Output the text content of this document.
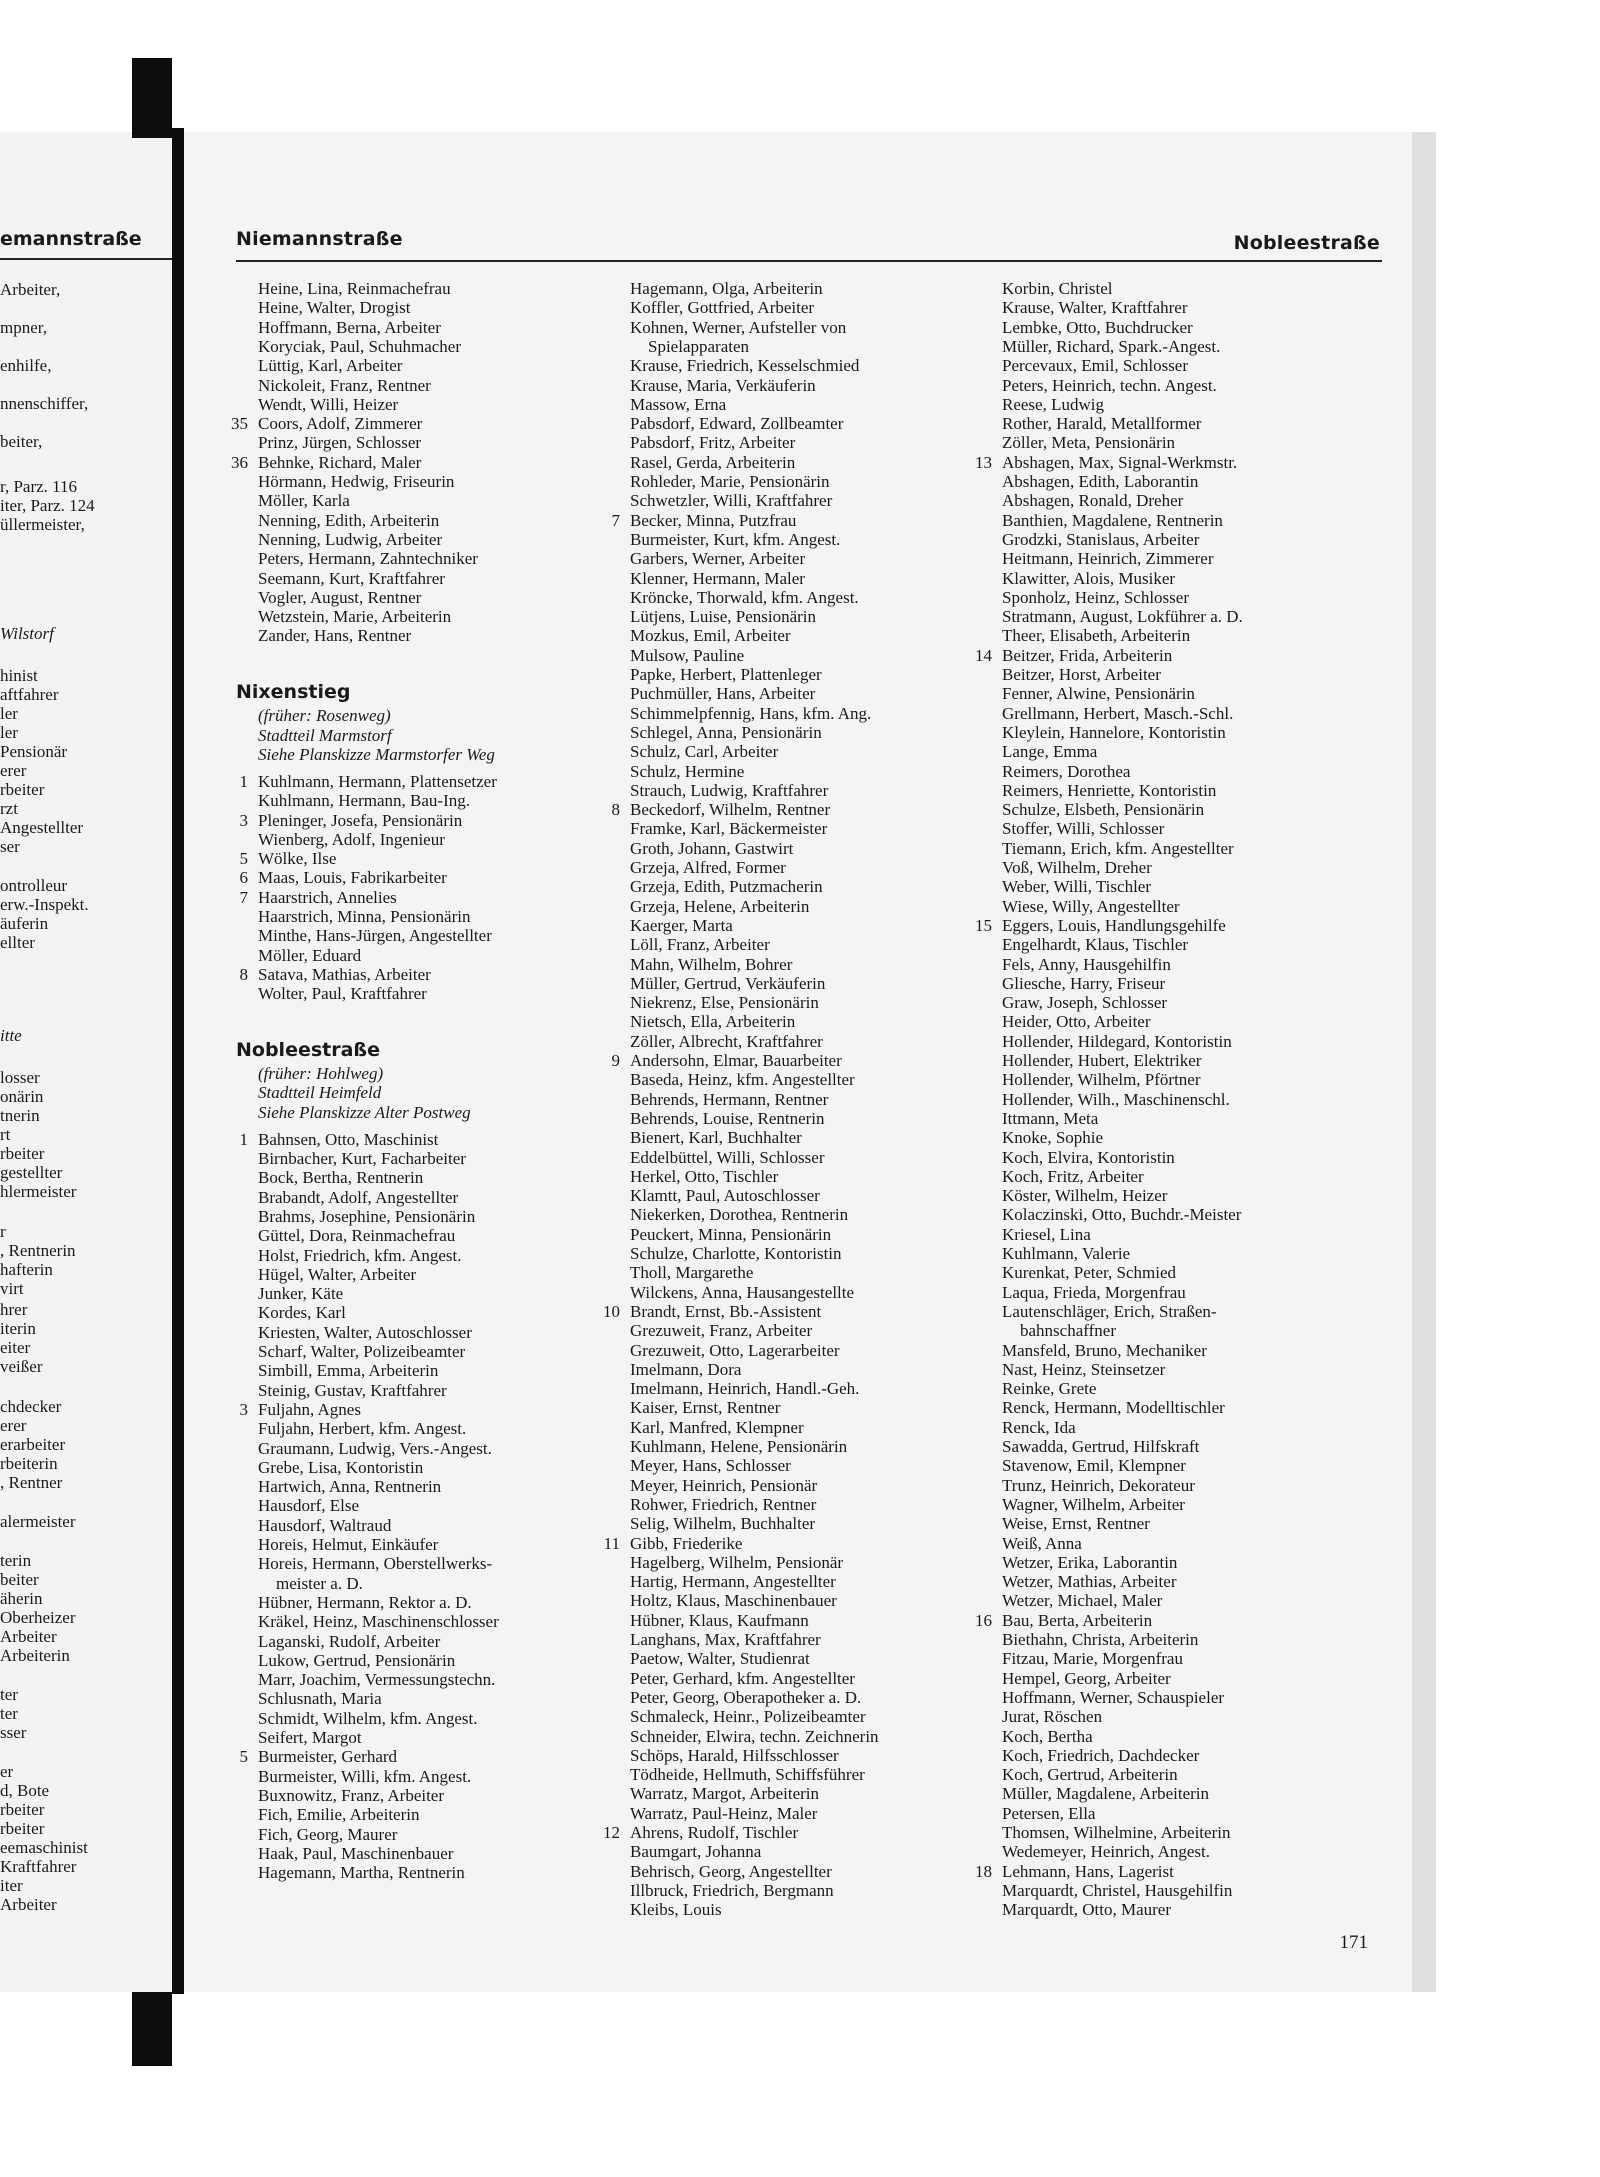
emannstraße
Arbeiter,
mpner,
enhilfe,
nnenschiffer,
beiter,
r, Parz. 116
iter, Parz. 124
üllermeister,
Wilstorf
hinist
aftfahrer
ler
ler
Pensionär
erer
rbeiter
rzt
Angestellter
ser
ontrolleur
erw.-Inspekt.
äuferin
ellter
itte
losser
onärin
tnerin
rt
rbeiter
gestellter
hlermeister
r
, Rentnerin
hafterin
virt
hrer
iterin
eiter
veißer
chdecker
erer
erarbeiter
rbeiterin
, Rentner
alermeister
terin
beiter
äherin
Oberheizer
Arbeiter
Arbeiterin
ter
ter
sser
er
d, Bote
rbeiter
rbeiter
eemaschinist
Kraftfahrer
iter
Arbeiter
Niemannstraße	Nobleestraße
Heine, Lina, Reinmachefrau
Heine, Walter, Drogist
Hoffmann, Berna, Arbeiter
Koryciak, Paul, Schuhmacher
Lüttig, Karl, Arbeiter
Nickoleit, Franz, Rentner
Wendt, Willi, Heizer
35 Coors, Adolf, Zimmerer
Prinz, Jürgen, Schlosser
36 Behnke, Richard, Maler
Hörmann, Hedwig, Friseurin
Möller, Karla
Nenning, Edith, Arbeiterin
Nenning, Ludwig, Arbeiter
Peters, Hermann, Zahntechniker
Seemann, Kurt, Kraftfahrer
Vogler, August, Rentner
Wetzstein, Marie, Arbeiterin
Zander, Hans, Rentner
Nixenstieg
(früher: Rosenweg)
Stadtteil Marmstorf
Siehe Planskizze Marmstorfer Weg
1 Kuhlmann, Hermann, Plattensetzer
Kuhlmann, Hermann, Bau-Ing.
3 Pleninger, Josefa, Pensionärin
Wienberg, Adolf, Ingenieur
5 Wölke, Ilse
6 Maas, Louis, Fabrikarbeiter
7 Haarstrich, Annelies
Haarstrich, Minna, Pensionärin
Minthe, Hans-Jürgen, Angestellter
Möller, Eduard
8 Satava, Mathias, Arbeiter
Wolter, Paul, Kraftfahrer
Nobleestraße
(früher: Hohlweg)
Stadtteil Heimfeld
Siehe Planskizze Alter Postweg
1 Bahnsen, Otto, Maschinist
Birnbacher, Kurt, Facharbeiter
Bock, Bertha, Rentnerin
Brabandt, Adolf, Angestellter
Brahms, Josephine, Pensionärin
Güttel, Dora, Reinmachefrau
Holst, Friedrich, kfm. Angest.
Hügel, Walter, Arbeiter
Junker, Käte
Kordes, Karl
Kriesten, Walter, Autoschlosser
Scharf, Walter, Polizeibeamter
Simbill, Emma, Arbeiterin
Steinig, Gustav, Kraftfahrer
3 Fuljahn, Agnes
Fuljahn, Herbert, kfm. Angest.
Graumann, Ludwig, Vers.-Angest.
Grebe, Lisa, Kontoristin
Hartwich, Anna, Rentnerin
Hausdorf, Else
Hausdorf, Waltraud
Horeis, Helmut, Einkäufer
Horeis, Hermann, Oberstellwerks-
meister a. D.
Hübner, Hermann, Rektor a. D.
Kräkel, Heinz, Maschinenschlosser
Laganski, Rudolf, Arbeiter
Lukow, Gertrud, Pensionärin
Marr, Joachim, Vermessungstechn.
Schlusnath, Maria
Schmidt, Wilhelm, kfm. Angest.
Seifert, Margot
5 Burmeister, Gerhard
Burmeister, Willi, kfm. Angest.
Buxnowitz, Franz, Arbeiter
Fich, Emilie, Arbeiterin
Fich, Georg, Maurer
Haak, Paul, Maschinenbauer
Hagemann, Martha, Rentnerin
Hagemann, Olga, Arbeiterin
Koffler, Gottfried, Arbeiter
Kohnen, Werner, Aufsteller von
Spielapparaten
Krause, Friedrich, Kesselschmied
Krause, Maria, Verkäuferin
Massow, Erna
Pabsdorf, Edward, Zollbeamter
Pabsdorf, Fritz, Arbeiter
Rasel, Gerda, Arbeiterin
Rohleder, Marie, Pensionärin
Schwetzler, Willi, Kraftfahrer
7 Becker, Minna, Putzfrau
Burmeister, Kurt, kfm. Angest.
Garbers, Werner, Arbeiter
Klenner, Hermann, Maler
Kröncke, Thorwald, kfm. Angest.
Lütjens, Luise, Pensionärin
Mozkus, Emil, Arbeiter
Mulsow, Pauline
Papke, Herbert, Plattenleger
Puchmüller, Hans, Arbeiter
Schimmelpfennig, Hans, kfm. Ang.
Schlegel, Anna, Pensionärin
Schulz, Carl, Arbeiter
Schulz, Hermine
Strauch, Ludwig, Kraftfahrer
8 Beckedorf, Wilhelm, Rentner
Framke, Karl, Bäckermeister
Groth, Johann, Gastwirt
Grzeja, Alfred, Former
Grzeja, Edith, Putzmacherin
Grzeja, Helene, Arbeiterin
Kaerger, Marta
Löll, Franz, Arbeiter
Mahn, Wilhelm, Bohrer
Müller, Gertrud, Verkäuferin
Niekrenz, Else, Pensionärin
Nietsch, Ella, Arbeiterin
Zöller, Albrecht, Kraftfahrer
9 Andersohn, Elmar, Bauarbeiter
Baseda, Heinz, kfm. Angestellter
Behrends, Hermann, Rentner
Behrends, Louise, Rentnerin
Bienert, Karl, Buchhalter
Eddelbüttel, Willi, Schlosser
Herkel, Otto, Tischler
Klamtt, Paul, Autoschlosser
Niekerken, Dorothea, Rentnerin
Peuckert, Minna, Pensionärin
Schulze, Charlotte, Kontoristin
Tholl, Margarethe
Wilckens, Anna, Hausangestellte
10 Brandt, Ernst, Bb.-Assistent
Grezuweit, Franz, Arbeiter
Grezuweit, Otto, Lagerarbeiter
Imelmann, Dora
Imelmann, Heinrich, Handl.-Geh.
Kaiser, Ernst, Rentner
Karl, Manfred, Klempner
Kuhlmann, Helene, Pensionärin
Meyer, Hans, Schlosser
Meyer, Heinrich, Pensionär
Rohwer, Friedrich, Rentner
Selig, Wilhelm, Buchhalter
11 Gibb, Friederike
Hagelberg, Wilhelm, Pensionär
Hartig, Hermann, Angestellter
Holtz, Klaus, Maschinenbauer
Hübner, Klaus, Kaufmann
Langhans, Max, Kraftfahrer
Paetow, Walter, Studienrat
Peter, Gerhard, kfm. Angestellter
Peter, Georg, Oberapotheker a. D.
Schmaleck, Heinr., Polizeibeamter
Schneider, Elwira, techn. Zeichnerin
Schöps, Harald, Hilfsschlosser
Tödheide, Hellmuth, Schiffsführer
Warratz, Margot, Arbeiterin
Warratz, Paul-Heinz, Maler
12 Ahrens, Rudolf, Tischler
Baumgart, Johanna
Behrisch, Georg, Angestellter
Illbruck, Friedrich, Bergmann
Kleibs, Louis
Korbin, Christel
Krause, Walter, Kraftfahrer
Lembke, Otto, Buchdrucker
Müller, Richard, Spark.-Angest.
Percevaux, Emil, Schlosser
Peters, Heinrich, techn. Angest.
Reese, Ludwig
Rother, Harald, Metallformer
Zöller, Meta, Pensionärin
13 Abshagen, Max, Signal-Werkmstr.
Abshagen, Edith, Laborantin
Abshagen, Ronald, Dreher
Banthien, Magdalene, Rentnerin
Grodzki, Stanislaus, Arbeiter
Heitmann, Heinrich, Zimmerer
Klawitter, Alois, Musiker
Sponholz, Heinz, Schlosser
Stratmann, August, Lokführer a. D.
Theer, Elisabeth, Arbeiterin
14 Beitzer, Frida, Arbeiterin
Beitzer, Horst, Arbeiter
Fenner, Alwine, Pensionärin
Grellmann, Herbert, Masch.-Schl.
Kleylein, Hannelore, Kontoristin
Lange, Emma
Reimers, Dorothea
Reimers, Henriette, Kontoristin
Schulze, Elsbeth, Pensionärin
Stoffer, Willi, Schlosser
Tiemann, Erich, kfm. Angestellter
Voß, Wilhelm, Dreher
Weber, Willi, Tischler
Wiese, Willy, Angestellter
15 Eggers, Louis, Handlungsgehilfe
Engelhardt, Klaus, Tischler
Fels, Anny, Hausgehilfin
Gliesche, Harry, Friseur
Graw, Joseph, Schlosser
Heider, Otto, Arbeiter
Hollender, Hildegard, Kontoristin
Hollender, Hubert, Elektriker
Hollender, Wilhelm, Pförtner
Hollender, Wilh., Maschinenschl.
Ittmann, Meta
Knoke, Sophie
Koch, Elvira, Kontoristin
Koch, Fritz, Arbeiter
Köster, Wilhelm, Heizer
Kolaczinski, Otto, Buchdr.-Meister
Kriesel, Lina
Kuhlmann, Valerie
Kurenkat, Peter, Schmied
Laqua, Frieda, Morgenfrau
Lautenschläger, Erich, Straßen-
bahnschaffner
Mansfeld, Bruno, Mechaniker
Nast, Heinz, Steinsetzer
Reinke, Grete
Renck, Hermann, Modelltischler
Renck, Ida
Sawadda, Gertrud, Hilfskraft
Stavenow, Emil, Klempner
Trunz, Heinrich, Dekorateur
Wagner, Wilhelm, Arbeiter
Weise, Ernst, Rentner
Weiß, Anna
Wetzer, Erika, Laborantin
Wetzer, Mathias, Arbeiter
Wetzer, Michael, Maler
16 Bau, Berta, Arbeiterin
Biethahn, Christa, Arbeiterin
Fitzau, Marie, Morgenfrau
Hempel, Georg, Arbeiter
Hoffmann, Werner, Schauspieler
Jurat, Röschen
Koch, Bertha
Koch, Friedrich, Dachdecker
Koch, Gertrud, Arbeiterin
Müller, Magdalene, Arbeiterin
Petersen, Ella
Thomsen, Wilhelmine, Arbeiterin
Wedemeyer, Heinrich, Angest.
18 Lehmann, Hans, Lagerist
Marquardt, Christel, Hausgehilfin
Marquardt, Otto, Maurer
171
